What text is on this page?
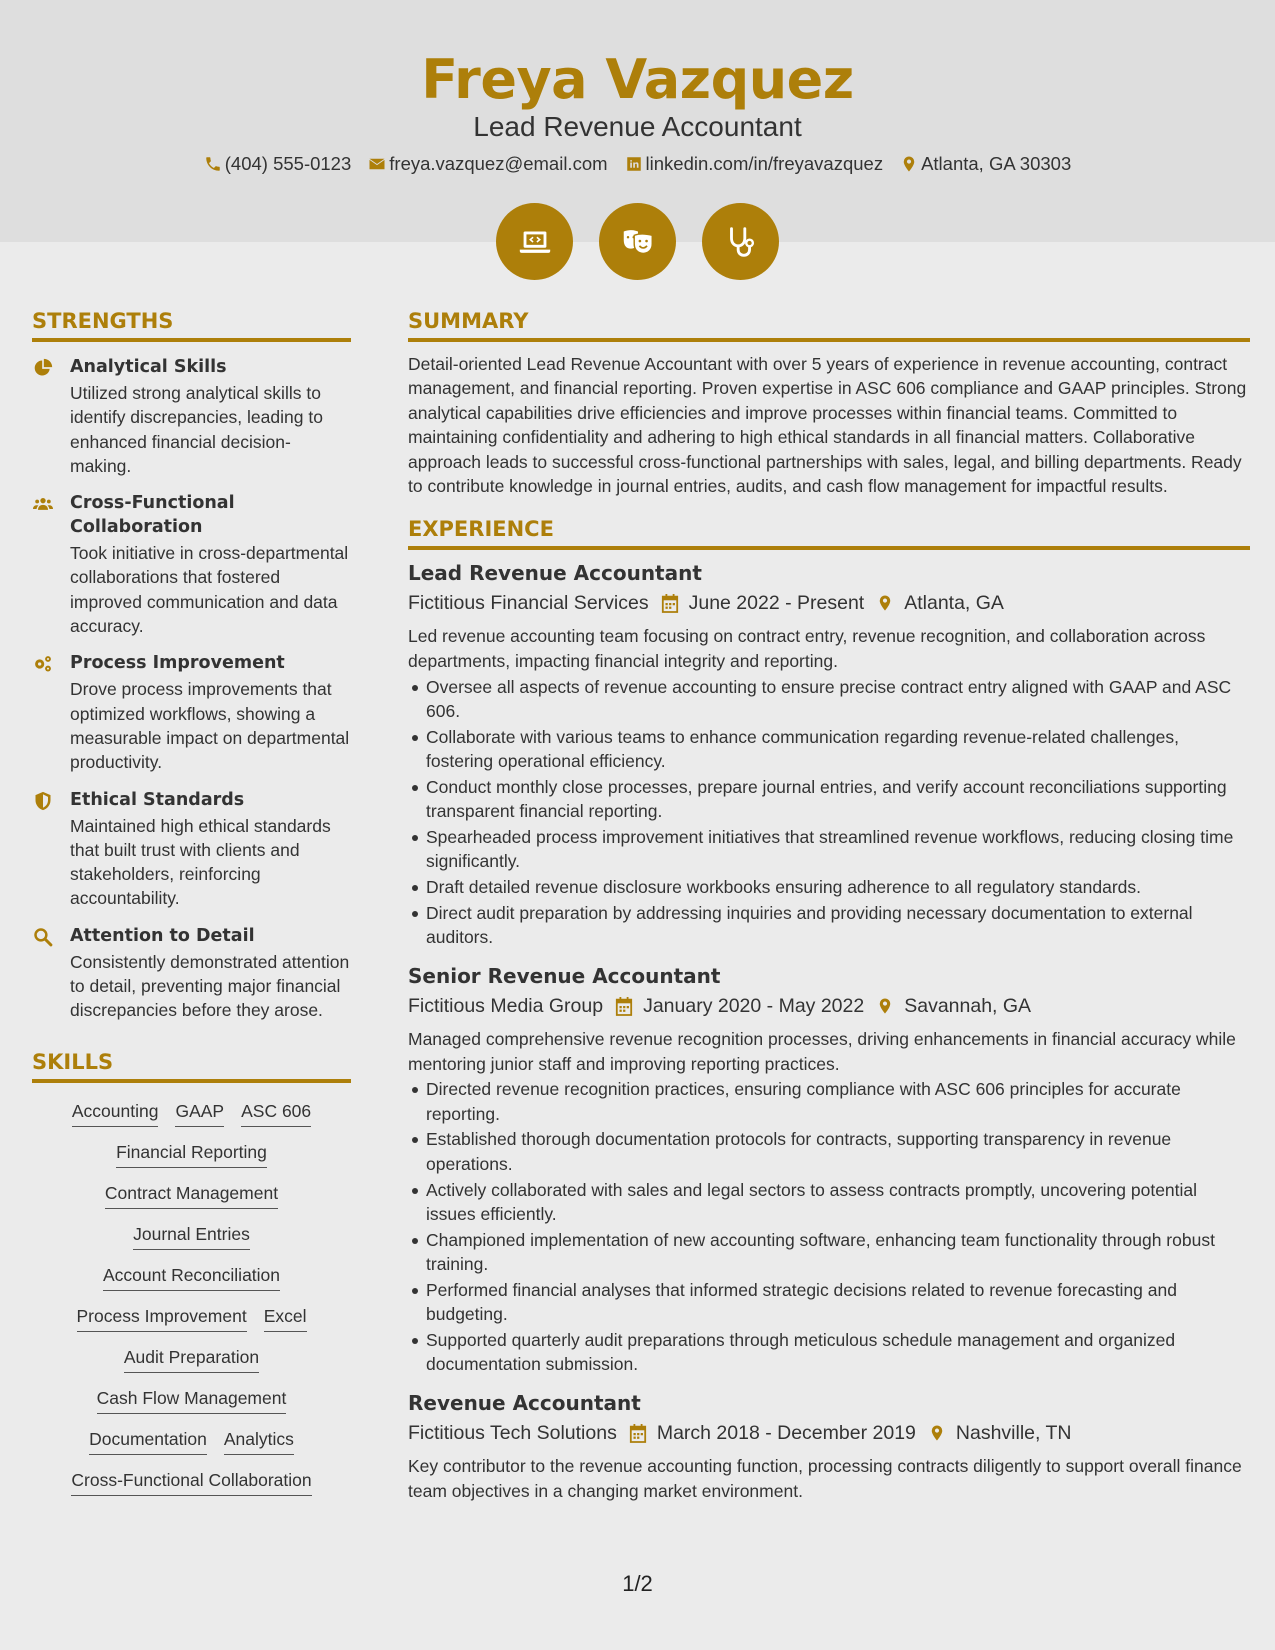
Freya Vazquez
Lead Revenue Accountant
(404) 555-0123 freya.vazquez@email.com linkedin.com/in/freyavazquez Atlanta, GA 30303
STRENGTHS
Analytical Skills
Utilized strong analytical skills to identify discrepancies, leading to enhanced financial decision-making.
Cross-Functional Collaboration
Took initiative in cross-departmental collaborations that fostered improved communication and data accuracy.
Process Improvement
Drove process improvements that optimized workflows, showing a measurable impact on departmental productivity.
Ethical Standards
Maintained high ethical standards that built trust with clients and stakeholders, reinforcing accountability.
Attention to Detail
Consistently demonstrated attention to detail, preventing major financial discrepancies before they arose.
SKILLS
Accounting GAAP ASC 606
Financial Reporting
Contract Management
Journal Entries
Account Reconciliation
Process Improvement Excel
Audit Preparation
Cash Flow Management
Documentation Analytics
Cross-Functional Collaboration
SUMMARY
Detail-oriented Lead Revenue Accountant with over 5 years of experience in revenue accounting, contract management, and financial reporting. Proven expertise in ASC 606 compliance and GAAP principles. Strong analytical capabilities drive efficiencies and improve processes within financial teams. Committed to maintaining confidentiality and adhering to high ethical standards in all financial matters. Collaborative approach leads to successful cross-functional partnerships with sales, legal, and billing departments. Ready to contribute knowledge in journal entries, audits, and cash flow management for impactful results.
EXPERIENCE
Lead Revenue Accountant
Fictitious Financial Services June 2022 - Present Atlanta, GA
Led revenue accounting team focusing on contract entry, revenue recognition, and collaboration across departments, impacting financial integrity and reporting.
Oversee all aspects of revenue accounting to ensure precise contract entry aligned with GAAP and ASC 606.
Collaborate with various teams to enhance communication regarding revenue-related challenges, fostering operational efficiency.
Conduct monthly close processes, prepare journal entries, and verify account reconciliations supporting transparent financial reporting.
Spearheaded process improvement initiatives that streamlined revenue workflows, reducing closing time significantly.
Draft detailed revenue disclosure workbooks ensuring adherence to all regulatory standards.
Direct audit preparation by addressing inquiries and providing necessary documentation to external auditors.
Senior Revenue Accountant
Fictitious Media Group January 2020 - May 2022 Savannah, GA
Managed comprehensive revenue recognition processes, driving enhancements in financial accuracy while mentoring junior staff and improving reporting practices.
Directed revenue recognition practices, ensuring compliance with ASC 606 principles for accurate reporting.
Established thorough documentation protocols for contracts, supporting transparency in revenue operations.
Actively collaborated with sales and legal sectors to assess contracts promptly, uncovering potential issues efficiently.
Championed implementation of new accounting software, enhancing team functionality through robust training.
Performed financial analyses that informed strategic decisions related to revenue forecasting and budgeting.
Supported quarterly audit preparations through meticulous schedule management and organized documentation submission.
Revenue Accountant
Fictitious Tech Solutions March 2018 - December 2019 Nashville, TN
Key contributor to the revenue accounting function, processing contracts diligently to support overall finance team objectives in a changing market environment.
1/2
